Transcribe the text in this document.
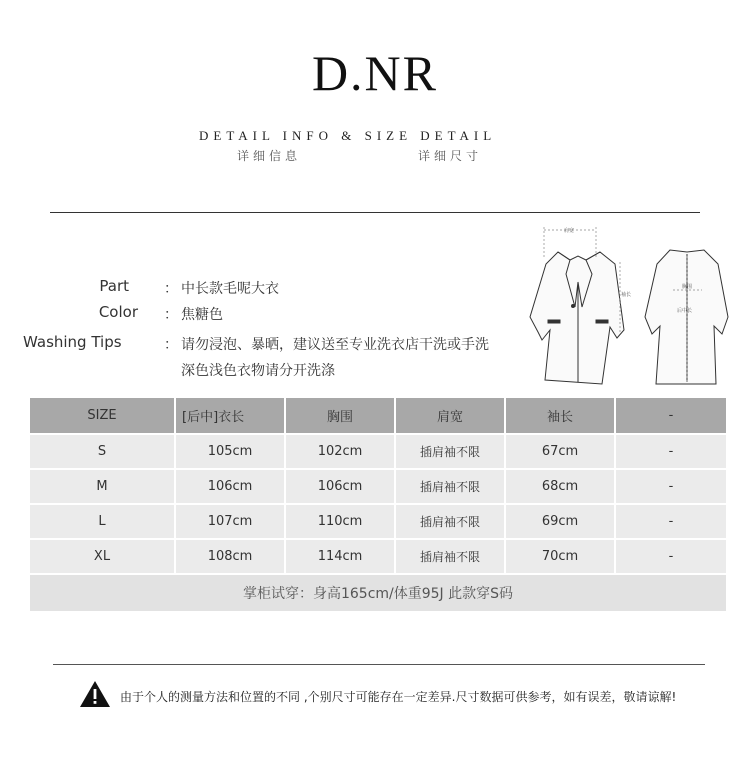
D.NR
DETAIL INFO & SIZE DETAIL
详细信息	详细尺寸
Part	： 中长款毛呢大衣
Color ： 焦糖色
Washing Tips	： 请勿浸泡、暴晒，建议送至专业洗衣店干洗或手洗
深色浅色衣物请分开洗涤
肩宽
袖长
胸围
后中长
SIZE	[后中]衣长	胸围	肩宽	袖长	-
S	105cm	102cm	插肩袖不限	67cm	-
M	106cm	106cm	插肩袖不限	68cm	-
L	107cm	110cm	插肩袖不限	69cm	-
XL	108cm	114cm	插肩袖不限	70cm	-
掌柜试穿：身高165cm/体重95J 此款穿S码					
由于个人的测量方法和位置的不同 ,个别尺寸可能存在一定差异.尺寸数据可供参考，如有误差，敬请谅解!
